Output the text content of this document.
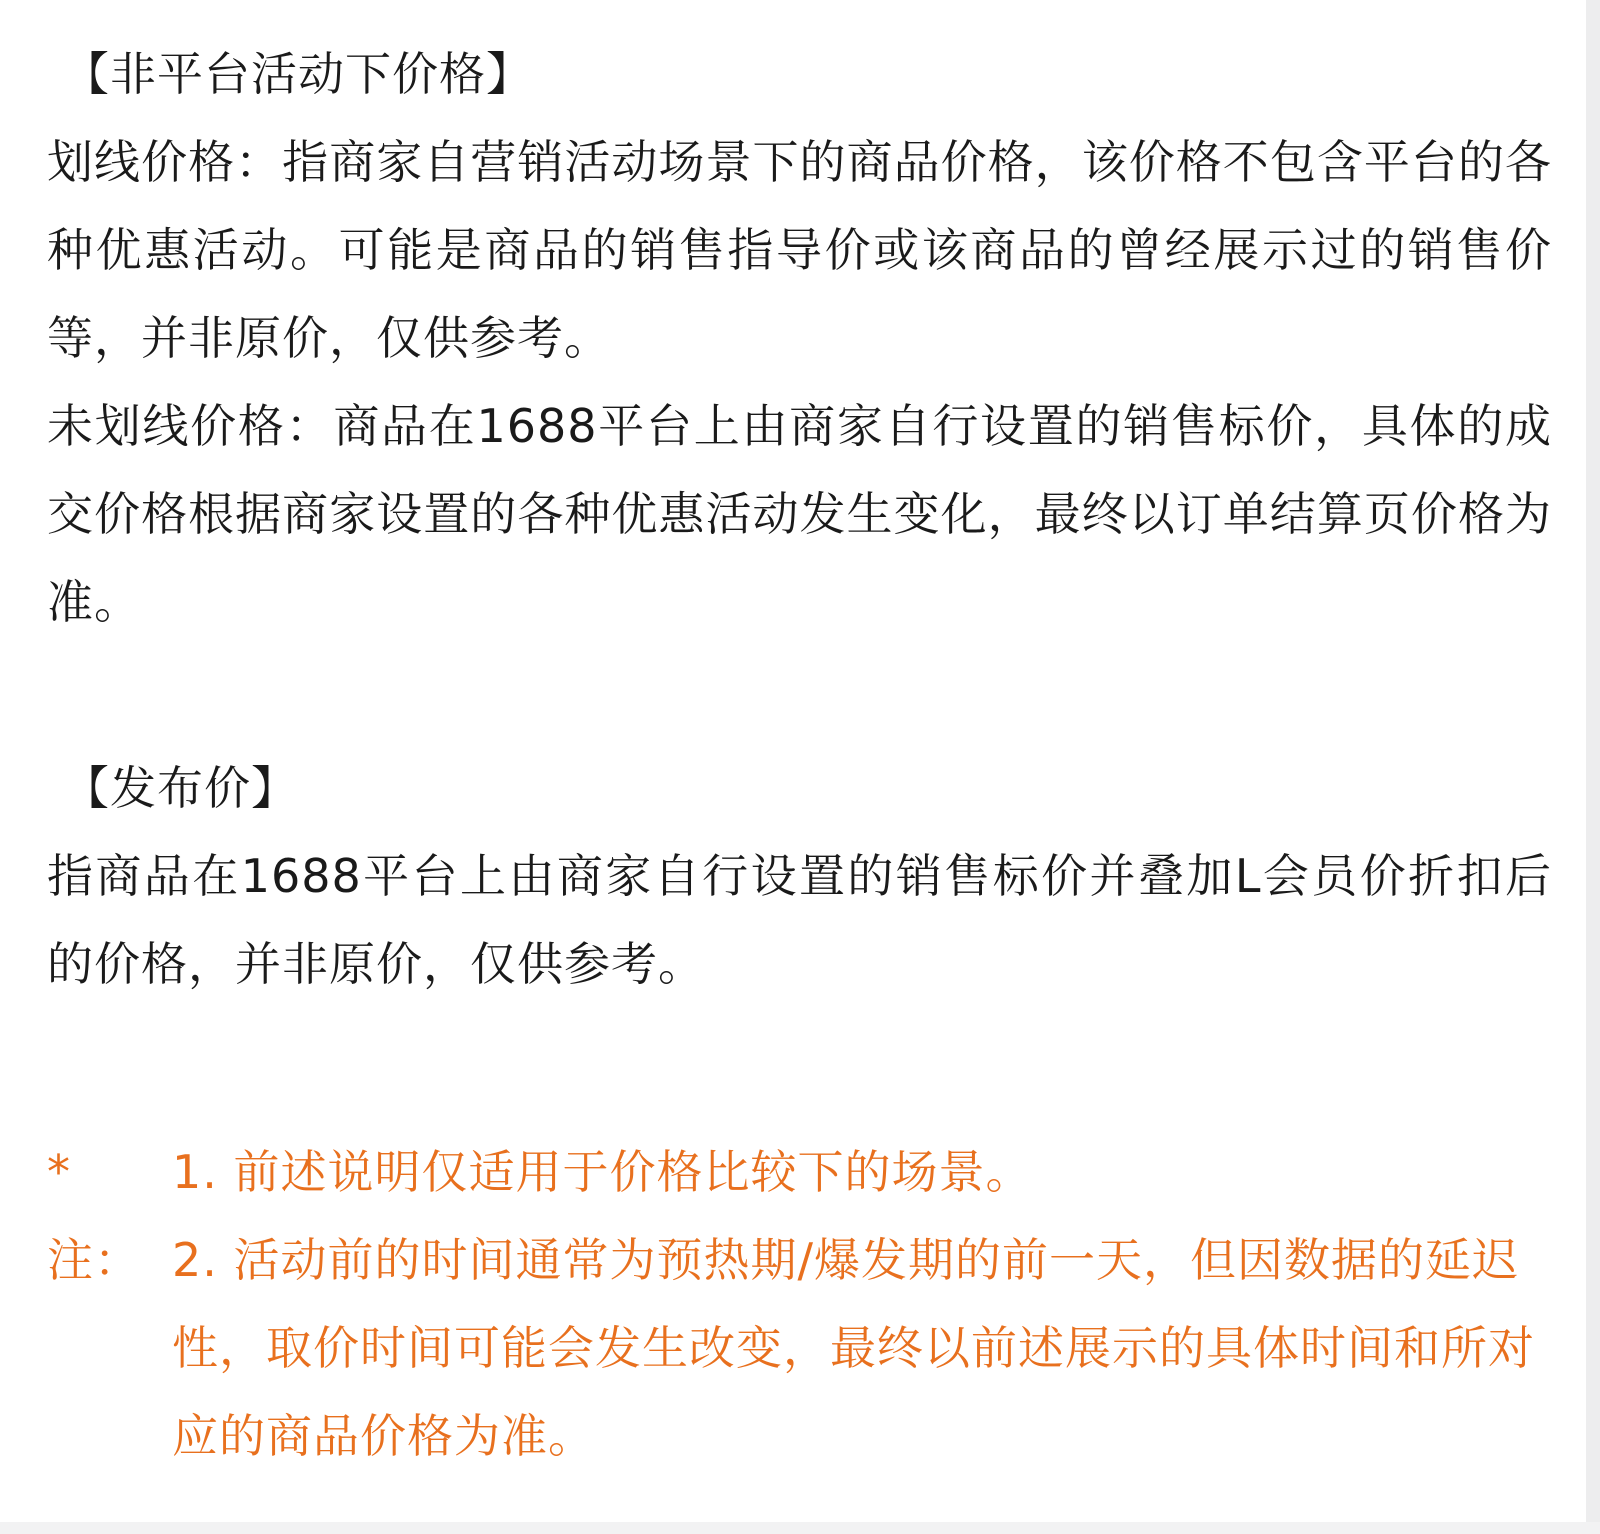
【非平台活动下价格】

划线价格：指商家自营销活动场景下的商品价格，该价格不包含平台的各种优惠活动。可能是商品的销售指导价或该商品的曾经展示过的销售价等，并非原价，仅供参考。

未划线价格：商品在1688平台上由商家自行设置的销售标价，具体的成交价格根据商家设置的各种优惠活动发生变化，最终以订单结算页价格为准。

【发布价】

指商品在1688平台上由商家自行设置的销售标价并叠加L会员价折扣后的价格，并非原价，仅供参考。

*
注：

1. 前述说明仅适用于价格比较下的场景。

2. 活动前的时间通常为预热期/爆发期的前一天，但因数据的延迟性，取价时间可能会发生改变，最终以前述展示的具体时间和所对应的商品价格为准。
